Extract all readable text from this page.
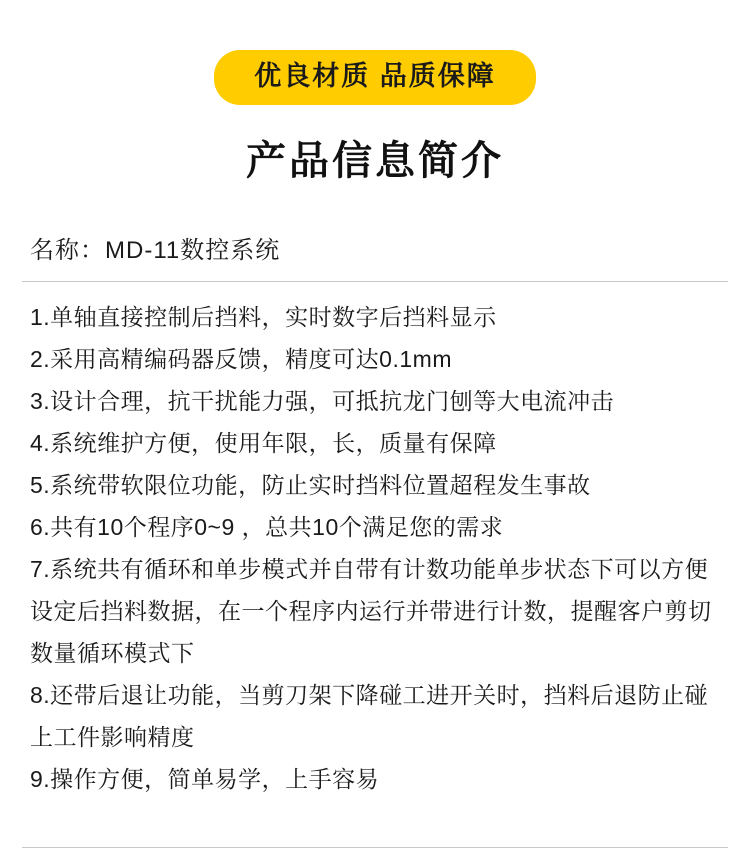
优良材质 品质保障
产品信息简介
名称：MD-11数控系统
1.单轴直接控制后挡料，实时数字后挡料显示
2.采用高精编码器反馈，精度可达0.1mm
3.设计合理，抗干扰能力强，可抵抗龙门刨等大电流冲击
4.系统维护方便，使用年限，长，质量有保障
5.系统带软限位功能，防止实时挡料位置超程发生事故
6.共有10个程序0~9 ，总共10个满足您的需求
7.系统共有循环和单步模式并自带有计数功能单步状态下可以方便设定后挡料数据，在一个程序内运行并带进行计数，提醒客户剪切数量循环模式下
8.还带后退让功能，当剪刀架下降碰工进开关时，挡料后退防止碰上工件影响精度
9.操作方便，简单易学，上手容易
